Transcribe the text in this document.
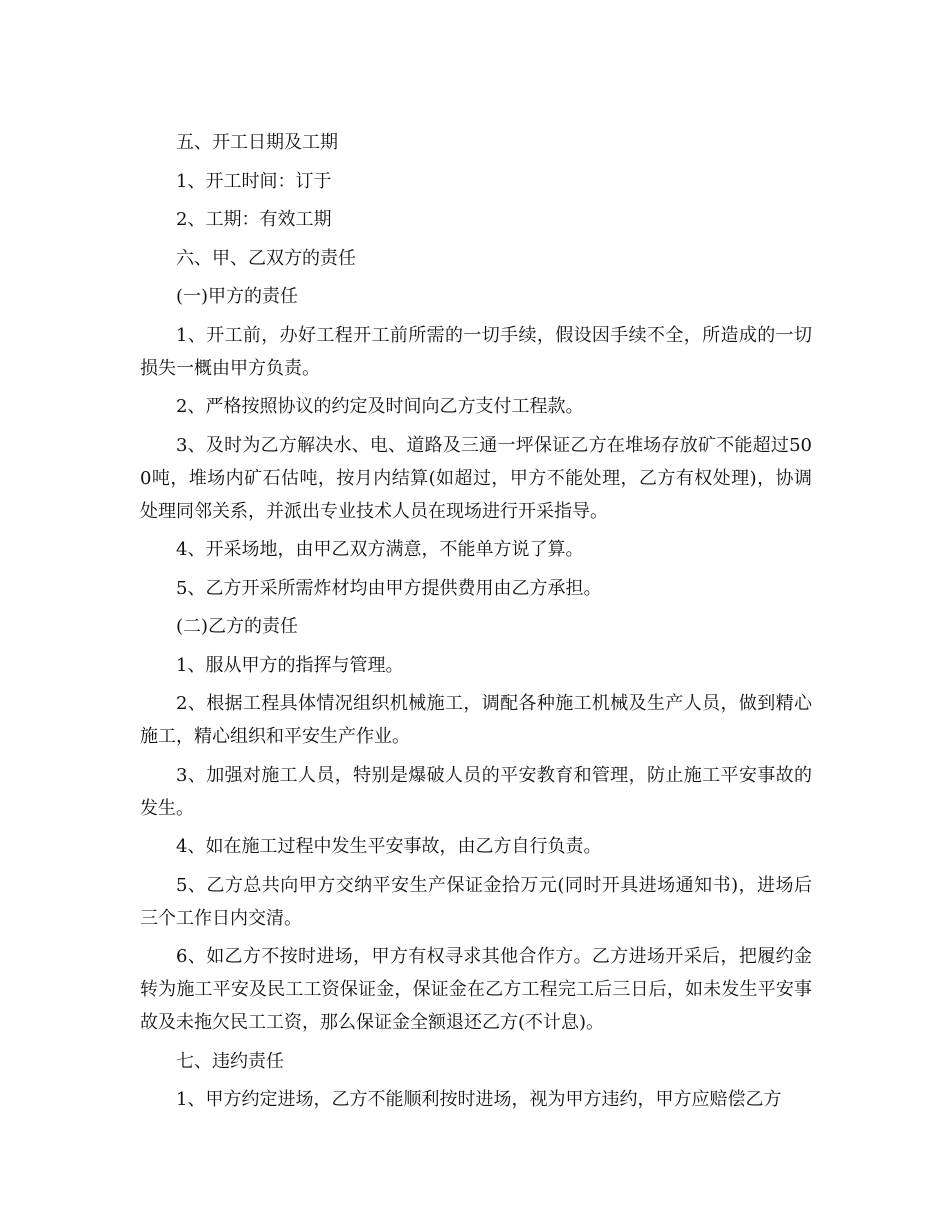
五、开工日期及工期

1、开工时间：订于

2、工期：有效工期

六、甲、乙双方的责任

(一)甲方的责任

1、开工前，办好工程开工前所需的一切手续，假设因手续不全，所造成的一切损失一概由甲方负责。

2、严格按照协议的约定及时间向乙方支付工程款。

3、及时为乙方解决水、电、道路及三通一坪保证乙方在堆场存放矿不能超过500吨，堆场内矿石估吨，按月内结算(如超过，甲方不能处理，乙方有权处理)，协调处理同邻关系，并派出专业技术人员在现场进行开采指导。

4、开采场地，由甲乙双方满意，不能单方说了算。

5、乙方开采所需炸材均由甲方提供费用由乙方承担。

(二)乙方的责任

1、服从甲方的指挥与管理。

2、根据工程具体情况组织机械施工，调配各种施工机械及生产人员，做到精心施工，精心组织和平安生产作业。

3、加强对施工人员，特别是爆破人员的平安教育和管理，防止施工平安事故的发生。

4、如在施工过程中发生平安事故，由乙方自行负责。

5、乙方总共向甲方交纳平安生产保证金拾万元(同时开具进场通知书)，进场后三个工作日内交清。

6、如乙方不按时进场，甲方有权寻求其他合作方。乙方进场开采后，把履约金转为施工平安及民工工资保证金，保证金在乙方工程完工后三日后，如未发生平安事故及未拖欠民工工资，那么保证金全额退还乙方(不计息)。

七、违约责任

1、甲方约定进场，乙方不能顺利按时进场，视为甲方违约，甲方应赔偿乙方
